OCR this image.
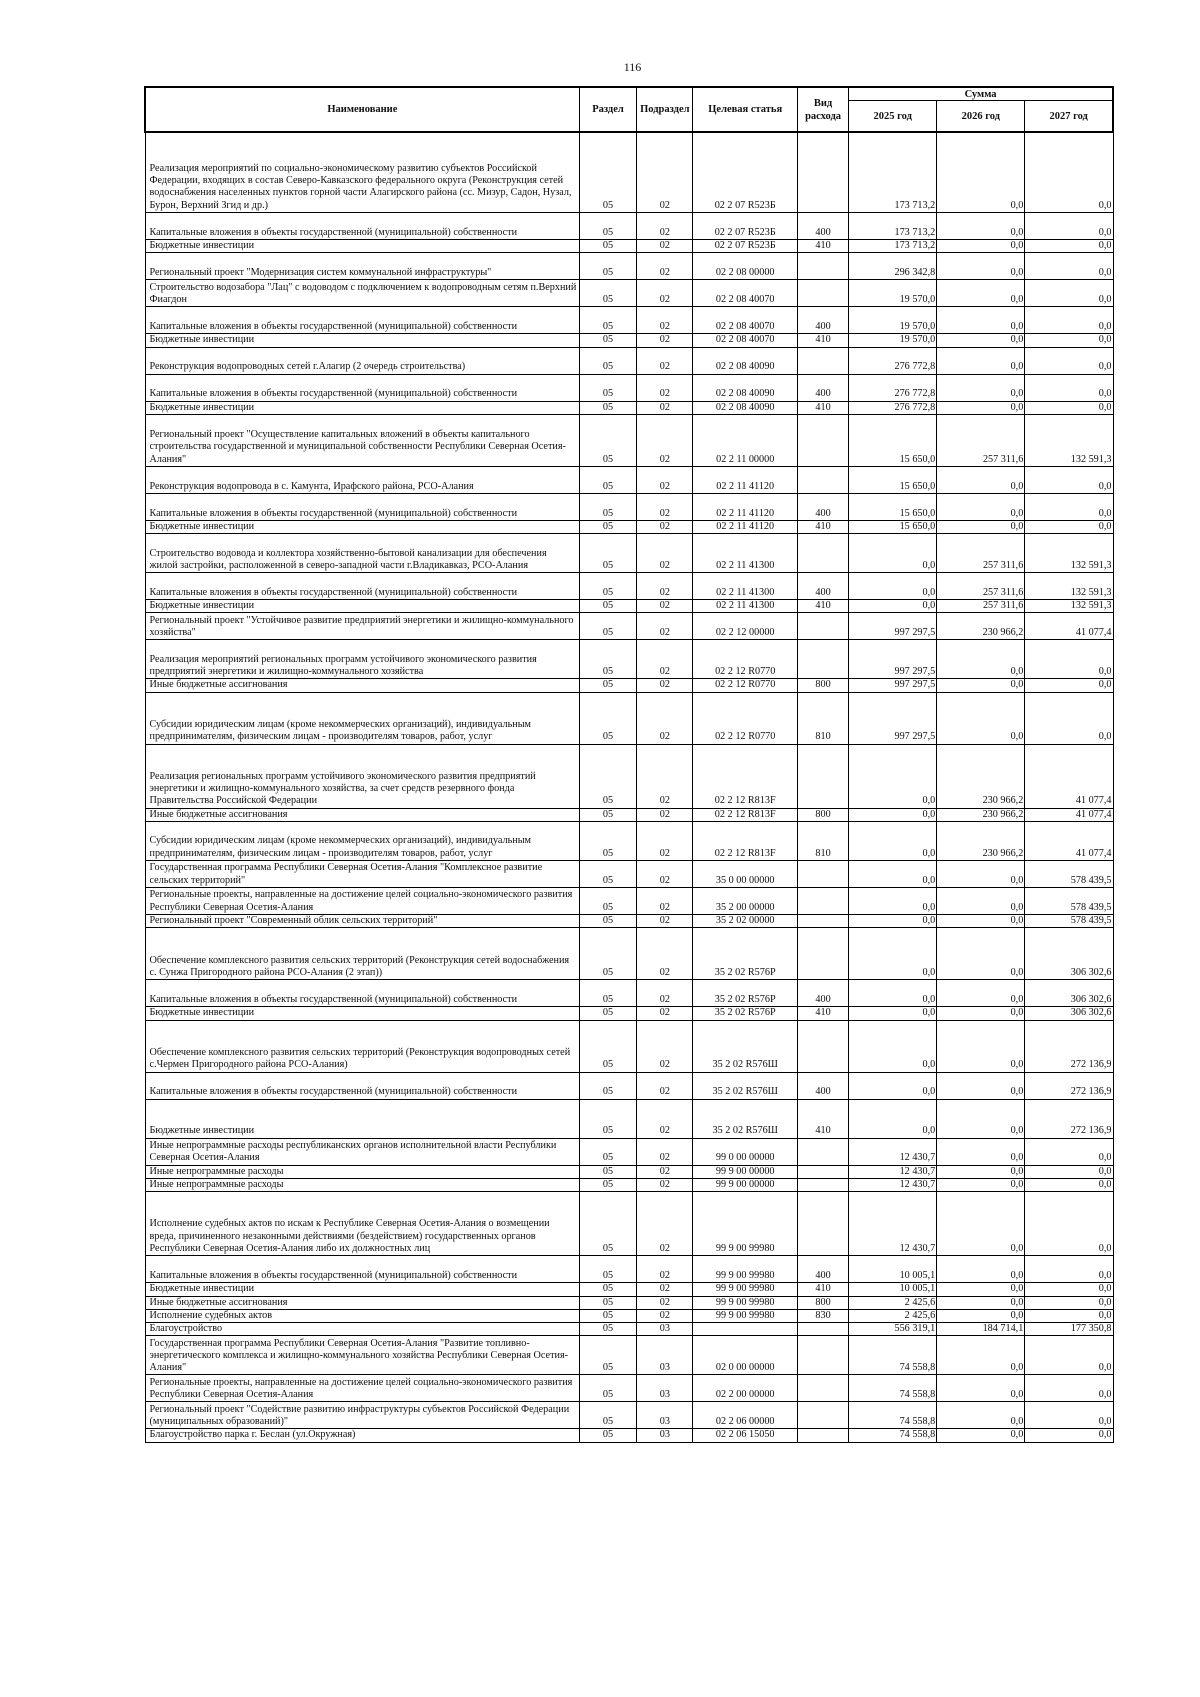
116
Наименование	Раздел	Подраздел	Целевая статья	Вид расхода	Сумма		
					2025 год	2026 год	2027 год
Реализация мероприятий по социально-экономическому развитию субъектов Российской Федерации, входящих в состав Северо-Кавказского федерального округа (Реконструкция сетей водоснабжения населенных пунктов горной части Алагирского района (сс. Мизур, Садон, Нузал, Бурон, Верхний Згид и др.)	05	02	02 2 07 R523Б		173 713,2	0,0	0,0
Капитальные вложения в объекты государственной (муниципальной) собственности	05	02	02 2 07 R523Б	400	173 713,2	0,0	0,0
Бюджетные инвестиции	05	02	02 2 07 R523Б	410	173 713,2	0,0	0,0
Региональный проект "Модернизация систем коммунальной инфраструктуры"	05	02	02 2 08 00000		296 342,8	0,0	0,0
Строительство водозабора "Лац" с водоводом с подключением к водопроводным сетям п.Верхний Фиагдон	05	02	02 2 08 40070		19 570,0	0,0	0,0
Капитальные вложения в объекты государственной (муниципальной) собственности	05	02	02 2 08 40070	400	19 570,0	0,0	0,0
Бюджетные инвестиции	05	02	02 2 08 40070	410	19 570,0	0,0	0,0
Реконструкция водопроводных сетей г.Алагир (2 очередь строительства)	05	02	02 2 08 40090		276 772,8	0,0	0,0
Капитальные вложения в объекты государственной (муниципальной) собственности	05	02	02 2 08 40090	400	276 772,8	0,0	0,0
Бюджетные инвестиции	05	02	02 2 08 40090	410	276 772,8	0,0	0,0
Региональный проект "Осуществление капитальных вложений в объекты капитального строительства государственной и муниципальной собственности Республики Северная Осетия-Алания"	05	02	02 2 11 00000		15 650,0	257 311,6	132 591,3
Реконструкция водопровода в с. Камунта, Ирафского района, РСО-Алания	05	02	02 2 11 41120		15 650,0	0,0	0,0
Капитальные вложения в объекты государственной (муниципальной) собственности	05	02	02 2 11 41120	400	15 650,0	0,0	0,0
Бюджетные инвестиции	05	02	02 2 11 41120	410	15 650,0	0,0	0,0
Строительство водовода и коллектора хозяйственно-бытовой канализации для обеспечения жилой застройки, расположенной в северо-западной части г.Владикавказ, РСО-Алания	05	02	02 2 11 41300		0,0	257 311,6	132 591,3
Капитальные вложения в объекты государственной (муниципальной) собственности	05	02	02 2 11 41300	400	0,0	257 311,6	132 591,3
Бюджетные инвестиции	05	02	02 2 11 41300	410	0,0	257 311,6	132 591,3
Региональный проект "Устойчивое развитие предприятий энергетики и жилищно-коммунального хозяйства"	05	02	02 2 12 00000		997 297,5	230 966,2	41 077,4
Реализация мероприятий региональных программ устойчивого экономического развития предприятий энергетики и жилищно-коммунального хозяйства	05	02	02 2 12 R0770		997 297,5	0,0	0,0
Иные бюджетные ассигнования	05	02	02 2 12 R0770	800	997 297,5	0,0	0,0
Субсидии юридическим лицам (кроме некоммерческих организаций), индивидуальным предпринимателям, физическим лицам - производителям товаров, работ, услуг	05	02	02 2 12 R0770	810	997 297,5	0,0	0,0
Реализация региональных программ устойчивого экономического развития предприятий энергетики и жилищно-коммунального хозяйства, за счет средств резервного фонда Правительства Российской Федерации	05	02	02 2 12 R813F		0,0	230 966,2	41 077,4
Иные бюджетные ассигнования	05	02	02 2 12 R813F	800	0,0	230 966,2	41 077,4
Субсидии юридическим лицам (кроме некоммерческих организаций), индивидуальным предпринимателям, физическим лицам - производителям товаров, работ, услуг	05	02	02 2 12 R813F	810	0,0	230 966,2	41 077,4
Государственная программа Республики Северная Осетия-Алания "Комплексное развитие сельских территорий"	05	02	35 0 00 00000		0,0	0,0	578 439,5
Региональные проекты, направленные на достижение целей социально-экономического развития Республики Северная Осетия-Алания	05	02	35 2 00 00000		0,0	0,0	578 439,5
Региональный проект "Современный облик сельских территорий"	05	02	35 2 02 00000		0,0	0,0	578 439,5
Обеспечение комплексного развития сельских территорий (Реконструкция сетей водоснабжения с. Сунжа Пригородного района РСО-Алания (2 этап))	05	02	35 2 02 R576P		0,0	0,0	306 302,6
Капитальные вложения в объекты государственной (муниципальной) собственности	05	02	35 2 02 R576P	400	0,0	0,0	306 302,6
Бюджетные инвестиции	05	02	35 2 02 R576P	410	0,0	0,0	306 302,6
Обеспечение комплексного развития сельских территорий (Реконструкция водопроводных сетей с.Чермен Пригородного района РСО-Алания)	05	02	35 2 02 R576Ш		0,0	0,0	272 136,9
Капитальные вложения в объекты государственной (муниципальной) собственности	05	02	35 2 02 R576Ш	400	0,0	0,0	272 136,9
Бюджетные инвестиции	05	02	35 2 02 R576Ш	410	0,0	0,0	272 136,9
Иные непрограммные расходы республиканских органов исполнительной власти Республики Северная Осетия-Алания	05	02	99 0 00 00000		12 430,7	0,0	0,0
Иные непрограммные расходы	05	02	99 9 00 00000		12 430,7	0,0	0,0
Иные непрограммные расходы	05	02	99 9 00 00000		12 430,7	0,0	0,0
Исполнение судебных актов по искам к Республике Северная Осетия-Алания о возмещении вреда, причиненного незаконными действиями (бездействием) государственных органов Республики Северная Осетия-Алания либо их должностных лиц	05	02	99 9 00 99980		12 430,7	0,0	0,0
Капитальные вложения в объекты государственной (муниципальной) собственности	05	02	99 9 00 99980	400	10 005,1	0,0	0,0
Бюджетные инвестиции	05	02	99 9 00 99980	410	10 005,1	0,0	0,0
Иные бюджетные ассигнования	05	02	99 9 00 99980	800	2 425,6	0,0	0,0
Исполнение судебных актов	05	02	99 9 00 99980	830	2 425,6	0,0	0,0
Благоустройство	05	03			556 319,1	184 714,1	177 350,8
Государственная программа Республики Северная Осетия-Алания "Развитие топливно-энергетического комплекса и жилищно-коммунального хозяйства Республики Северная Осетия-Алания"	05	03	02 0 00 00000		74 558,8	0,0	0,0
Региональные проекты, направленные на достижение целей социально-экономического развития Республики Северная Осетия-Алания	05	03	02 2 00 00000		74 558,8	0,0	0,0
Региональный проект "Содействие развитию инфраструктуры субъектов Российской Федерации (муниципальных образований)"	05	03	02 2 06 00000		74 558,8	0,0	0,0
Благоустройство парка г. Беслан (ул.Окружная)	05	03	02 2 06 15050		74 558,8	0,0	0,0
